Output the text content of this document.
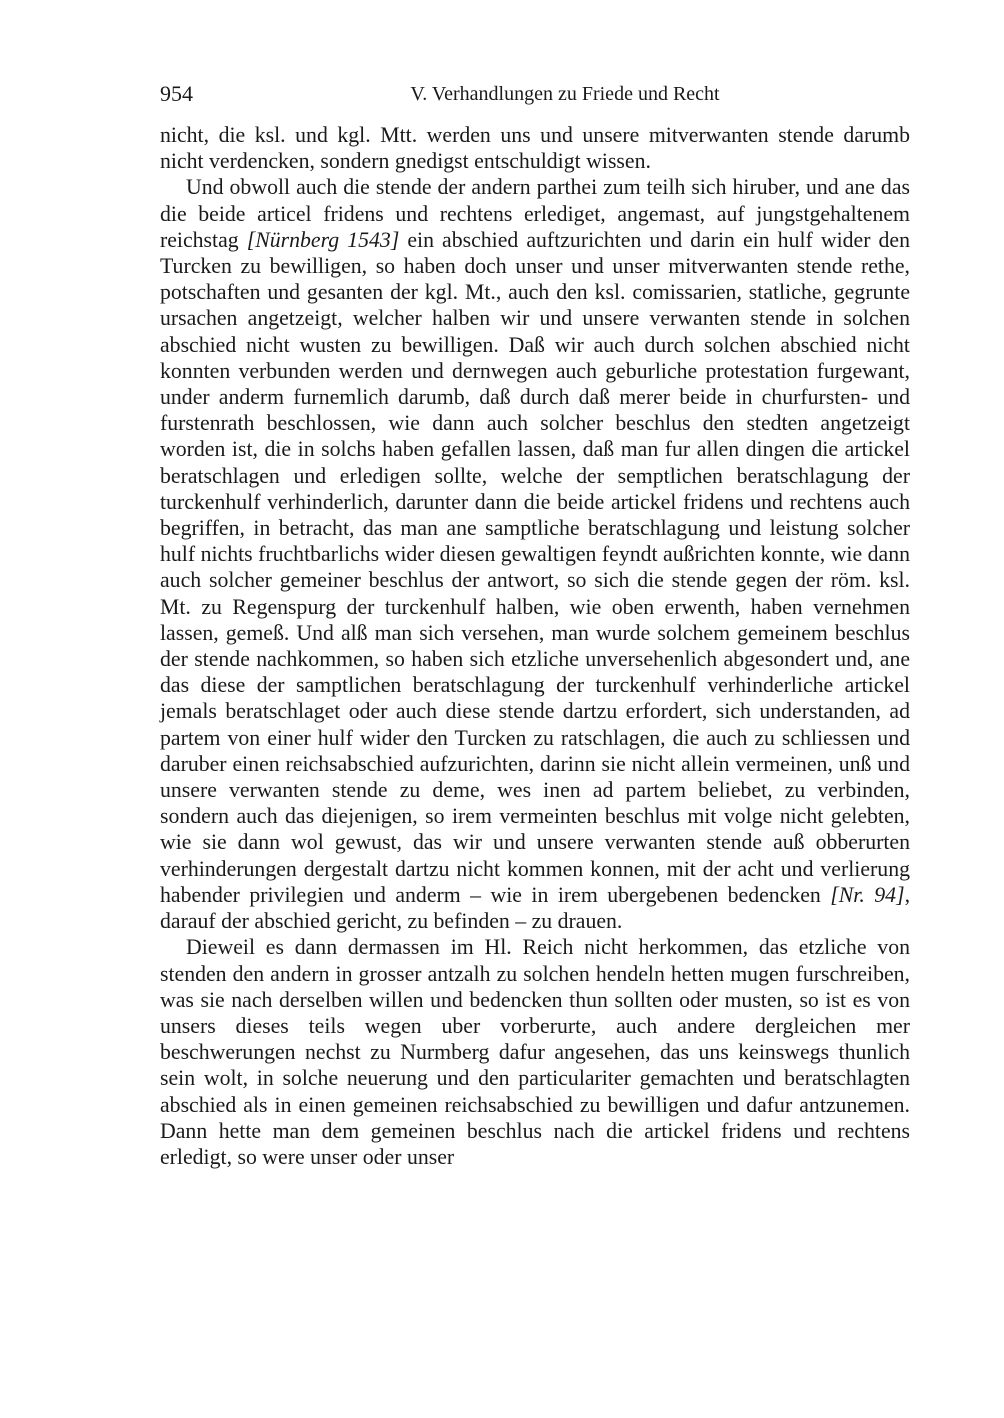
954	V. Verhandlungen zu Friede und Recht

nicht, die ksl. und kgl. Mtt. werden uns und unsere mitverwanten stende darumb nicht verdencken, sondern gnedigst entschuldigt wissen.

Und obwoll auch die stende der andern parthei zum teilh sich hiruber, und ane das die beide articel fridens und rechtens erlediget, angemast, auf jungstgehaltenem reichstag [Nürnberg 1543] ein abschied auftzurichten und darin ein hulf wider den Turcken zu bewilligen, so haben doch unser und unser mitverwanten stende rethe, potschaften und gesanten der kgl. Mt., auch den ksl. comissarien, statliche, gegrunte ursachen angetzeigt, welcher halben wir und unsere verwanten stende in solchen abschied nicht wusten zu bewilligen. Daß wir auch durch solchen abschied nicht konnten verbunden werden und dernwegen auch geburliche protestation furgewant, under anderm furnemlich darumb, daß durch daß merer beide in churfursten- und furstenrath beschlossen, wie dann auch solcher beschlus den stedten angetzeigt worden ist, die in solchs haben gefallen lassen, daß man fur allen dingen die artickel beratschlagen und erledigen sollte, welche der semptlichen beratschlagung der turckenhulf verhinderlich, darunter dann die beide artickel fridens und rechtens auch begriffen, in betracht, das man ane samptliche beratschlagung und leistung solcher hulf nichts fruchtbarlichs wider diesen gewaltigen feyndt außrichten konnte, wie dann auch solcher gemeiner beschlus der antwort, so sich die stende gegen der röm. ksl. Mt. zu Regenspurg der turckenhulf halben, wie oben erwenth, haben vernehmen lassen, gemeß. Und alß man sich versehen, man wurde solchem gemeinem beschlus der stende nachkommen, so haben sich etzliche unversehenlich abgesondert und, ane das diese der samptlichen beratschlagung der turckenhulf verhinderliche artickel jemals beratschlaget oder auch diese stende dartzu erfordert, sich understanden, ad partem von einer hulf wider den Turcken zu ratschlagen, die auch zu schliessen und daruber einen reichsabschied aufzurichten, darinn sie nicht allein vermeinen, unß und unsere verwanten stende zu deme, wes inen ad partem beliebet, zu verbinden, sondern auch das diejenigen, so irem vermeinten beschlus mit volge nicht gelebten, wie sie dann wol gewust, das wir und unsere verwanten stende auß obberurten verhinderungen dergestalt dartzu nicht kommen konnen, mit der acht und verlierung habender privilegien und anderm – wie in irem ubergebenen bedencken [Nr. 94], darauf der abschied gericht, zu befinden – zu drauen.

Dieweil es dann dermassen im Hl. Reich nicht herkommen, das etzliche von stenden den andern in grosser antzalh zu solchen hendeln hetten mugen furschreiben, was sie nach derselben willen und bedencken thun sollten oder musten, so ist es von unsers dieses teils wegen uber vorberurte, auch andere dergleichen mer beschwerungen nechst zu Nurmberg dafur angesehen, das uns keinswegs thunlich sein wolt, in solche neuerung und den particulariter gemachten und beratschlagten abschied als in einen gemeinen reichsabschied zu bewilligen und dafur antzunemen. Dann hette man dem gemeinen beschlus nach die artickel fridens und rechtens erledigt, so were unser oder unser
